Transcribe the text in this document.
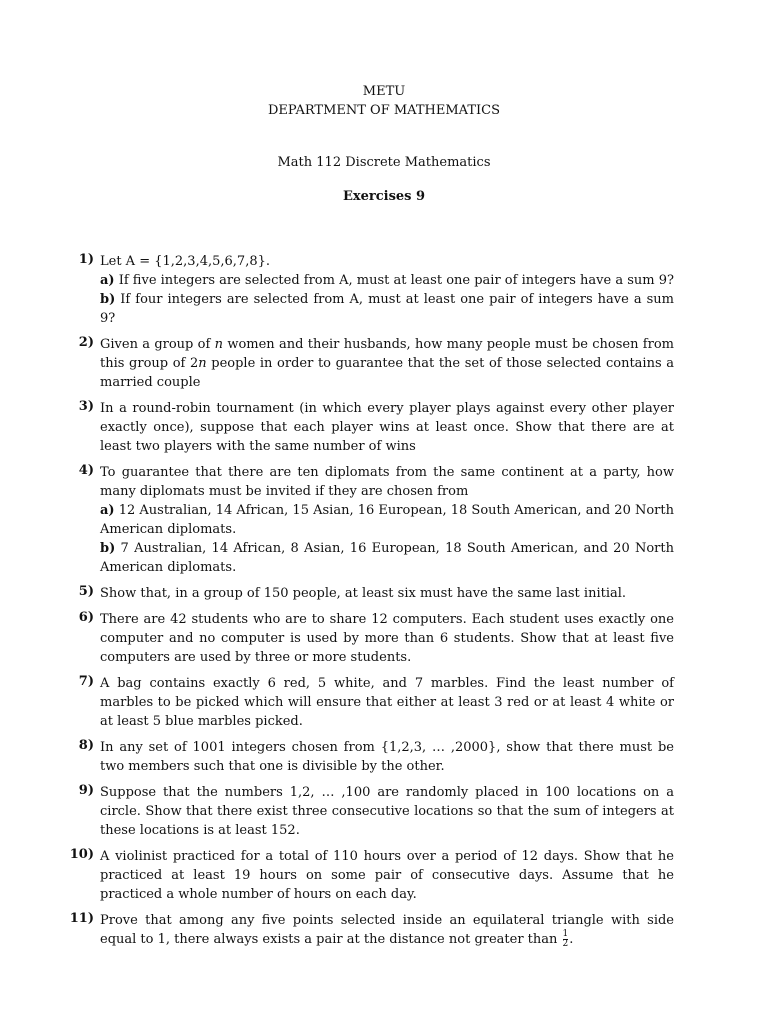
METU
DEPARTMENT OF MATHEMATICS
Math 112 Discrete Mathematics
Exercises 9
1) Let A = {1,2,3,4,5,6,7,8}.
a) If five integers are selected from A, must at least one pair of integers have a sum 9?
b) If four integers are selected from A, must at least one pair of integers have a sum 9?
2) Given a group of n women and their husbands, how many people must be chosen from this group of 2n people in order to guarantee that the set of those selected contains a married couple
3) In a round-robin tournament (in which every player plays against every other player exactly once), suppose that each player wins at least once. Show that there are at least two players with the same number of wins
4) To guarantee that there are ten diplomats from the same continent at a party, how many diplomats must be invited if they are chosen from
a) 12 Australian, 14 African, 15 Asian, 16 European, 18 South American, and 20 North American diplomats.
b) 7 Australian, 14 African, 8 Asian, 16 European, 18 South American, and 20 North American diplomats.
5) Show that, in a group of 150 people, at least six must have the same last initial.
6) There are 42 students who are to share 12 computers. Each student uses exactly one computer and no computer is used by more than 6 students. Show that at least five computers are used by three or more students.
7) A bag contains exactly 6 red, 5 white, and 7 marbles. Find the least number of marbles to be picked which will ensure that either at least 3 red or at least 4 white or at least 5 blue marbles picked.
8) In any set of 1001 integers chosen from {1,2,3, … ,2000}, show that there must be two members such that one is divisible by the other.
9) Suppose that the numbers 1,2, … ,100 are randomly placed in 100 locations on a circle. Show that there exist three consecutive locations so that the sum of integers at these locations is at least 152.
10) A violinist practiced for a total of 110 hours over a period of 12 days. Show that he practiced at least 19 hours on some pair of consecutive days. Assume that he practiced a whole number of hours on each day.
11) Prove that among any five points selected inside an equilateral triangle with side equal to 1, there always exists a pair at the distance not greater than $\frac{1}{2}$ .
